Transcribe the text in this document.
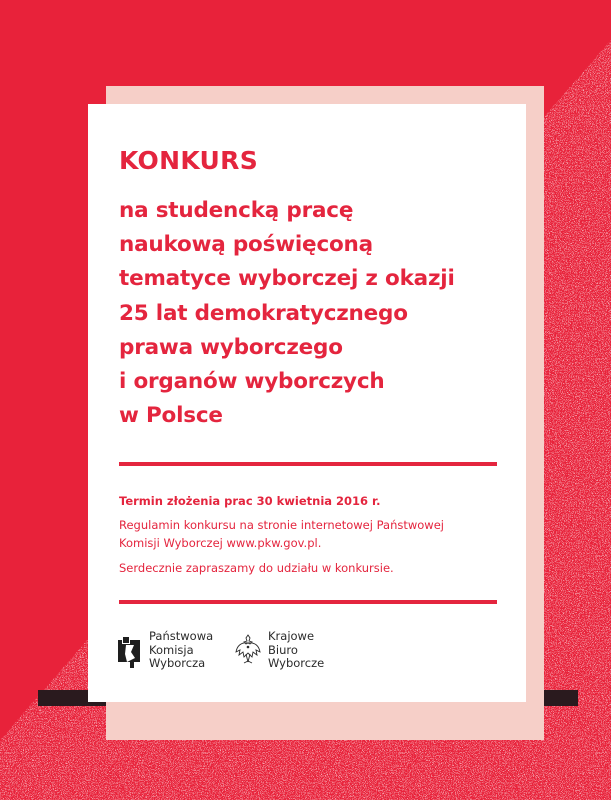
KONKURS
na studencką pracę
naukową poświęconą
tematyce wyborczej z okazji
25 lat demokratycznego
prawa wyborczego
i organów wyborczych
w Polsce

Termin złożenia prac 30 kwietnia 2016 r.

Regulamin konkursu na stronie internetowej Państwowej
Komisji Wyborczej www.pkw.gov.pl.

Serdecznie zapraszamy do udziału w konkursie.

Państwowa
Komisja
Wyborcza
Krajowe
Biuro
Wyborcze
